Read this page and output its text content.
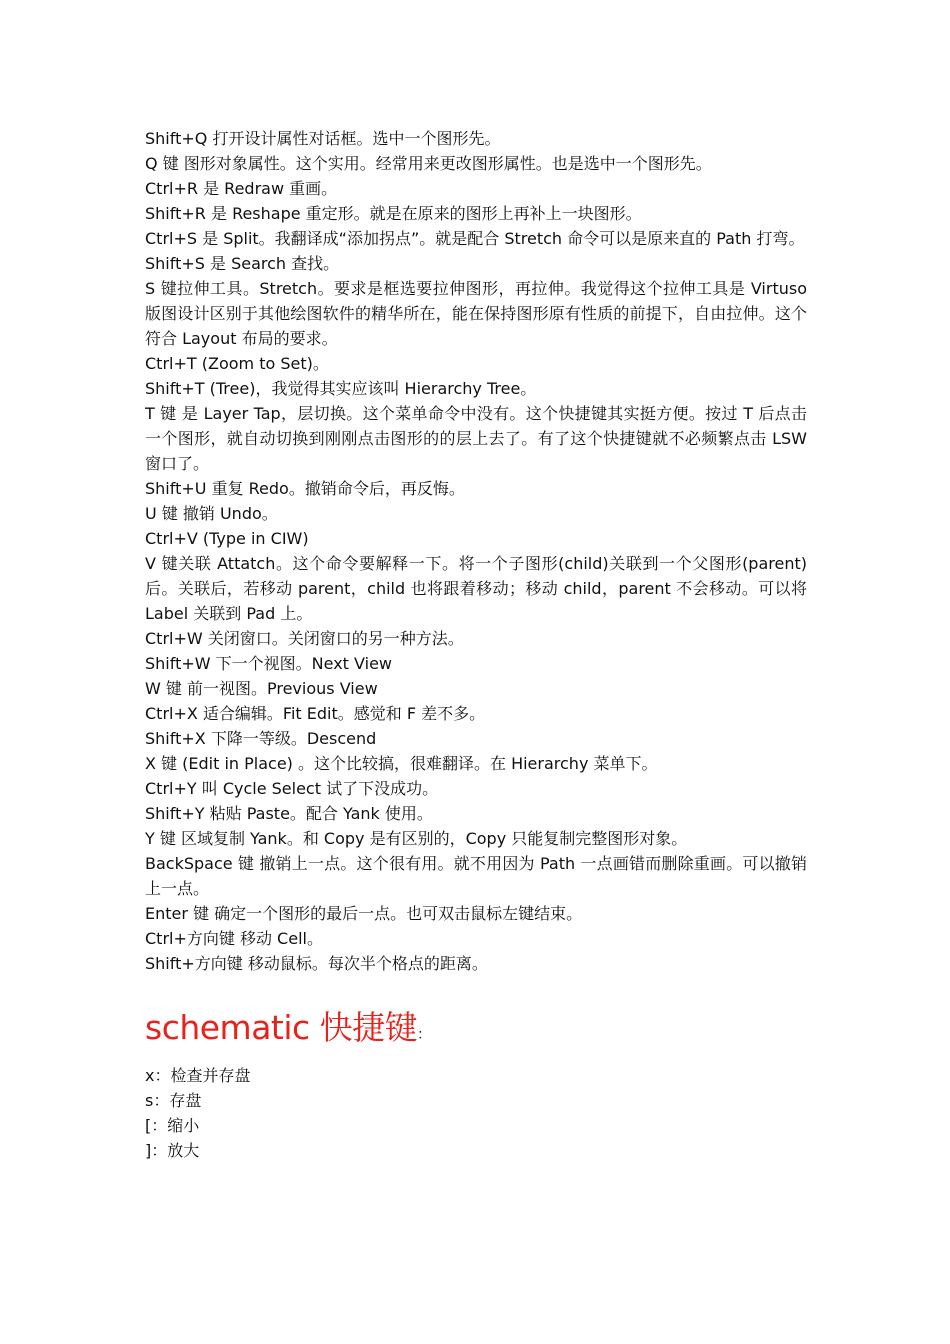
Shift+Q 打开设计属性对话框。选中一个图形先。

Q 键 图形对象属性。这个实用。经常用来更改图形属性。也是选中一个图形先。

Ctrl+R 是 Redraw 重画。

Shift+R 是 Reshape 重定形。就是在原来的图形上再补上一块图形。

Ctrl+S 是 Split。我翻译成“添加拐点”。就是配合 Stretch 命令可以是原来直的 Path 打弯。

Shift+S 是 Search 查找。

S 键拉伸工具。Stretch。要求是框选要拉伸图形，再拉伸。我觉得这个拉伸工具是 Virtuso 版图设计区别于其他绘图软件的精华所在，能在保持图形原有性质的前提下，自由拉伸。这个符合 Layout 布局的要求。

Ctrl+T (Zoom to Set)。

Shift+T (Tree)，我觉得其实应该叫 Hierarchy Tree。

T 键 是 Layer Tap，层切换。这个菜单命令中没有。这个快捷键其实挺方便。按过 T 后点击一个图形，就自动切换到刚刚点击图形的的层上去了。有了这个快捷键就不必频繁点击 LSW 窗口了。

Shift+U 重复 Redo。撤销命令后，再反悔。

U 键 撤销 Undo。

Ctrl+V (Type in CIW)

V 键关联 Attatch。这个命令要解释一下。将一个子图形(child)关联到一个父图形(parent)后。关联后，若移动 parent，child 也将跟着移动；移动 child，parent 不会移动。可以将 Label 关联到 Pad 上。

Ctrl+W 关闭窗口。关闭窗口的另一种方法。

Shift+W 下一个视图。Next View

W 键 前一视图。Previous View

Ctrl+X 适合编辑。Fit Edit。感觉和 F 差不多。

Shift+X 下降一等级。Descend

X 键 (Edit in Place) 。这个比较搞，很难翻译。在 Hierarchy 菜单下。

Ctrl+Y 叫 Cycle Select 试了下没成功。

Shift+Y 粘贴 Paste。配合 Yank 使用。

Y 键 区域复制 Yank。和 Copy 是有区别的，Copy 只能复制完整图形对象。

BackSpace 键 撤销上一点。这个很有用。就不用因为 Path 一点画错而删除重画。可以撤销上一点。

Enter 键 确定一个图形的最后一点。也可双击鼠标左键结束。

Ctrl+方向键 移动 Cell。

Shift+方向键 移动鼠标。每次半个格点的距离。

schematic 快捷键：

x：检查并存盘

s：存盘

[：缩小

]：放大
